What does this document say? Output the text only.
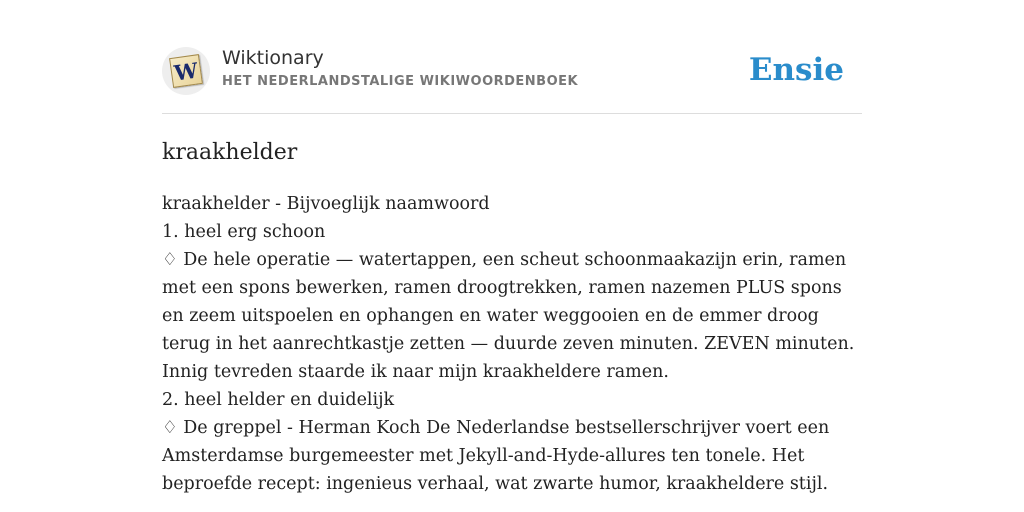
W Wiktionary
HET NEDERLANDSTALIGE WIKIWOORDENBOEK	Ensie
kraakhelder

kraakhelder - Bijvoeglijk naamwoord

1. heel erg schoon

♢ De hele operatie — watertappen, een scheut schoonmaakazijn erin, ramen met een spons bewerken, ramen droogtrekken, ramen nazemen PLUS spons en zeem uitspoelen en ophangen en water weggooien en de emmer droog terug in het aanrechtkastje zetten — duurde zeven minuten. ZEVEN minuten. Innig tevreden staarde ik naar mijn kraakheldere ramen.

2. heel helder en duidelijk

♢ De greppel - Herman Koch De Nederlandse bestsellerschrijver voert een Amsterdamse burgemeester met Jekyll-and-Hyde-allures ten tonele. Het beproefde recept: ingenieus verhaal, wat zwarte humor, kraakheldere stijl.
